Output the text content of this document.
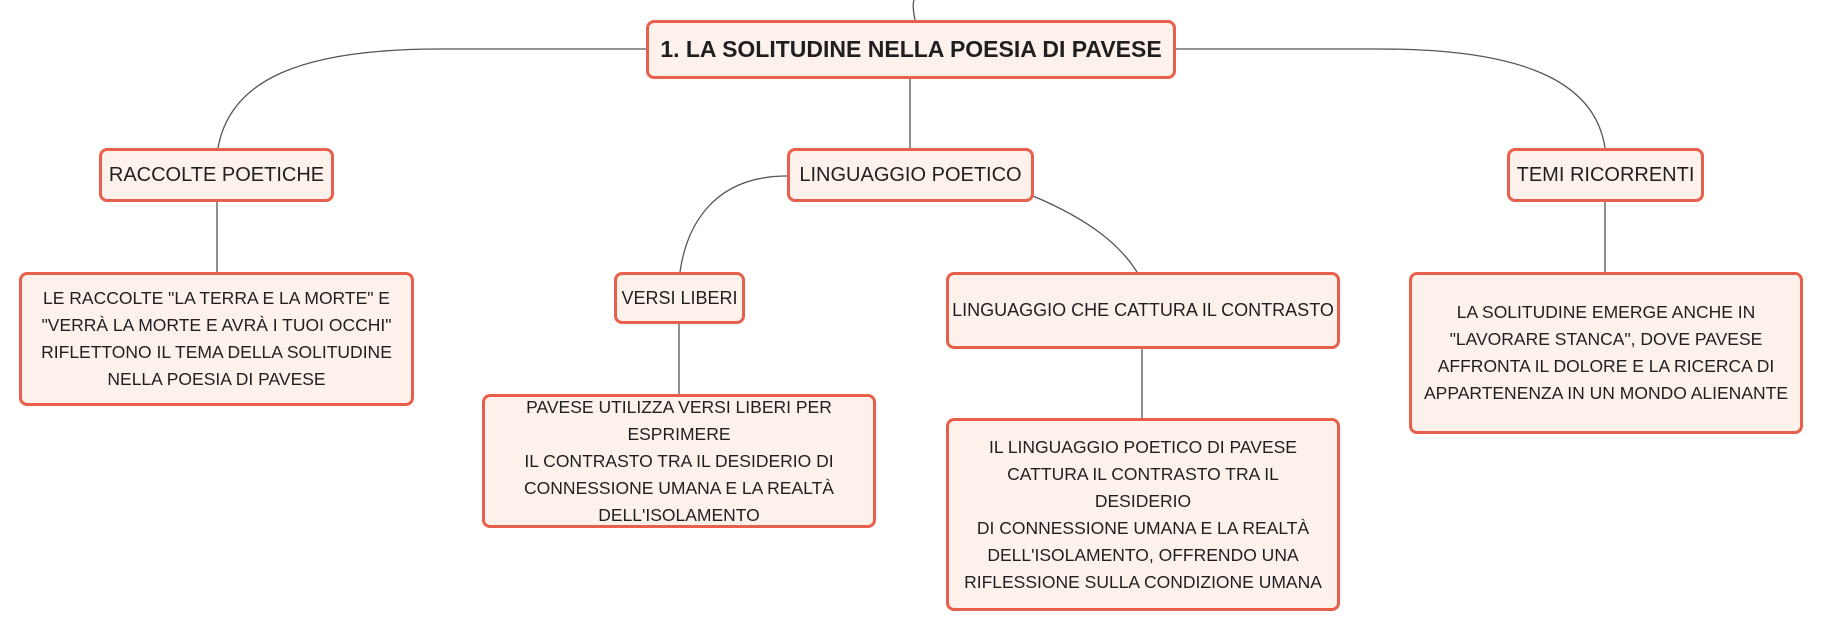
1. LA SOLITUDINE NELLA POESIA DI PAVESE
RACCOLTE POETICHE
LE RACCOLTE "LA TERRA E LA MORTE" E
"VERRÀ LA MORTE E AVRÀ I TUOI OCCHI"
RIFLETTONO IL TEMA DELLA SOLITUDINE
NELLA POESIA DI PAVESE
LINGUAGGIO POETICO
VERSI LIBERI
PAVESE UTILIZZA VERSI LIBERI PER ESPRIMERE
IL CONTRASTO TRA IL DESIDERIO DI
CONNESSIONE UMANA E LA REALTÀ
DELL'ISOLAMENTO
LINGUAGGIO CHE CATTURA IL CONTRASTO
IL LINGUAGGIO POETICO DI PAVESE
CATTURA IL CONTRASTO TRA IL DESIDERIO
DI CONNESSIONE UMANA E LA REALTÀ
DELL'ISOLAMENTO, OFFRENDO UNA
RIFLESSIONE SULLA CONDIZIONE UMANA
TEMI RICORRENTI
LA SOLITUDINE EMERGE ANCHE IN
"LAVORARE STANCA", DOVE PAVESE
AFFRONTA IL DOLORE E LA RICERCA DI
APPARTENENZA IN UN MONDO ALIENANTE
